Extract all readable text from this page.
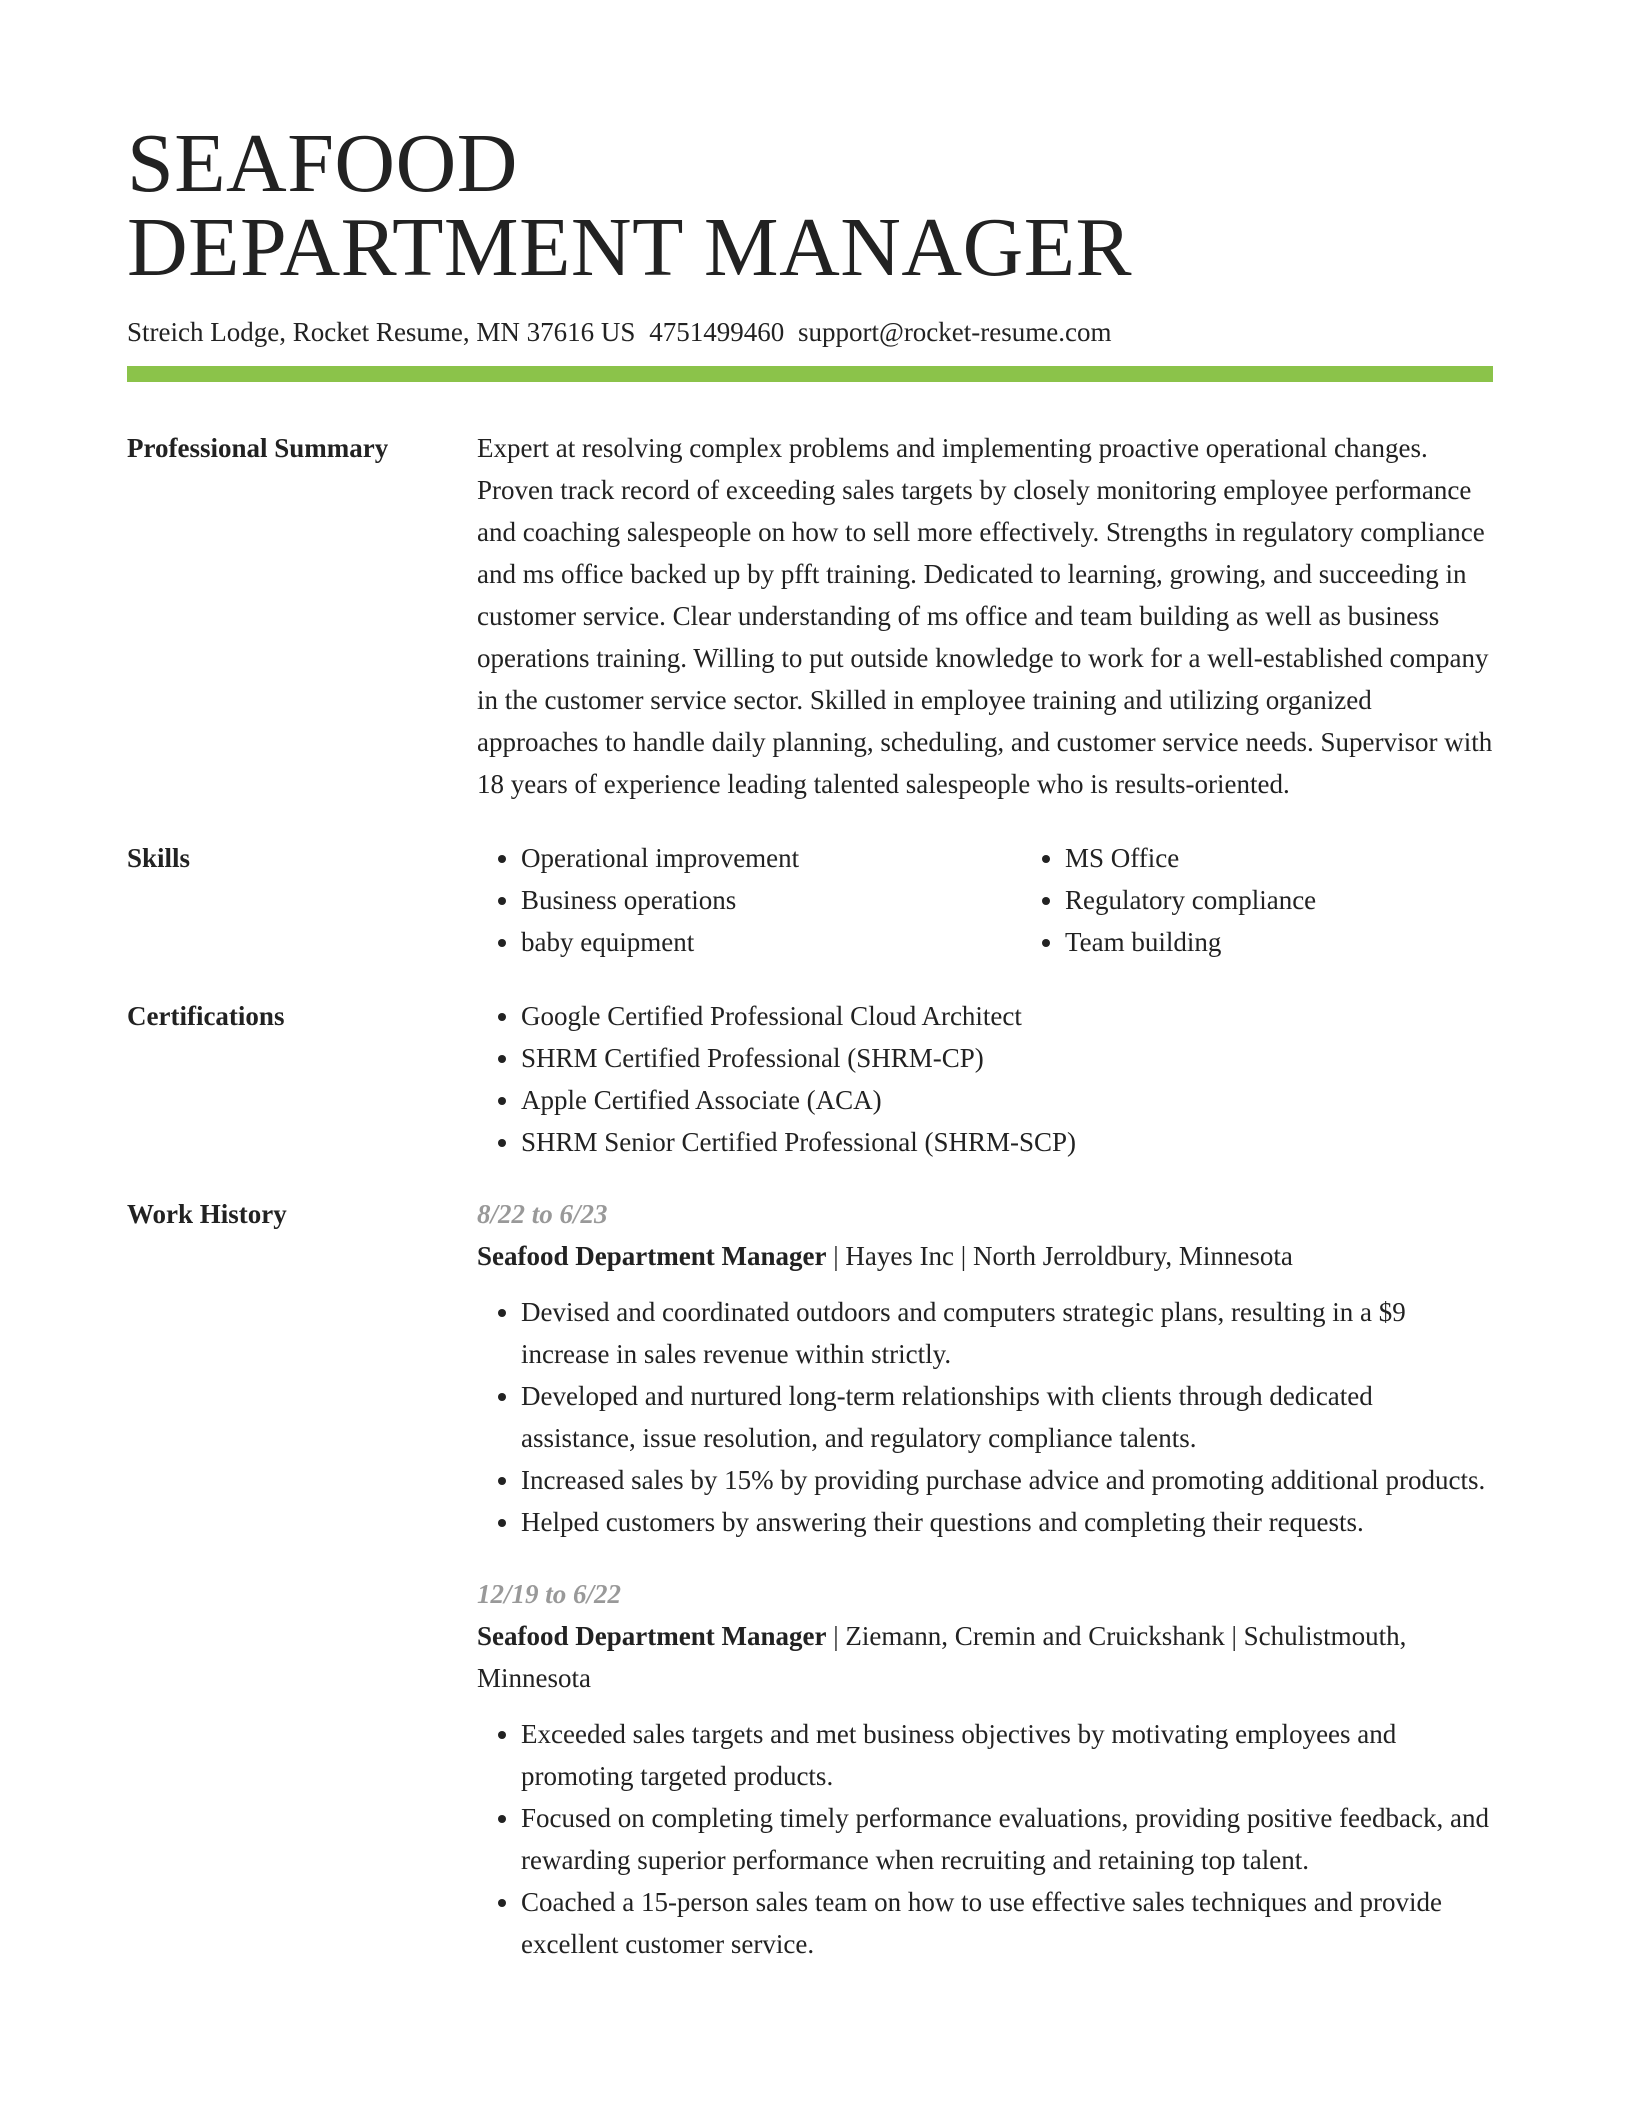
SEAFOOD
DEPARTMENT MANAGER
Streich Lodge, Rocket Resume, MN 37616 US 4751499460 support@rocket-resume.com
Professional Summary	Expert at resolving complex problems and implementing proactive operational changes. Proven track record of exceeding sales targets by closely monitoring employee performance and coaching salespeople on how to sell more effectively. Strengths in regulatory compliance and ms office backed up by pfft training. Dedicated to learning, growing, and succeeding in customer service. Clear understanding of ms office and team building as well as business operations training. Willing to put outside knowledge to work for a well-established company in the customer service sector. Skilled in employee training and utilizing organized approaches to handle daily planning, scheduling, and customer service needs. Supervisor with 18 years of experience leading talented salespeople who is results-oriented.
Skills	• Operational improvement
• Business operations
• baby equipment
• MS Office
• Regulatory compliance
• Team building
Certifications	• Google Certified Professional Cloud Architect
• SHRM Certified Professional (SHRM-CP)
• Apple Certified Associate (ACA)
• SHRM Senior Certified Professional (SHRM-SCP)
Work History	8/22 to 6/23
Seafood Department Manager | Hayes Inc | North Jerroldbury, Minnesota
• Devised and coordinated outdoors and computers strategic plans, resulting in a $9 increase in sales revenue within strictly.
• Developed and nurtured long-term relationships with clients through dedicated assistance, issue resolution, and regulatory compliance talents.
• Increased sales by 15% by providing purchase advice and promoting additional products.
• Helped customers by answering their questions and completing their requests.
12/19 to 6/22
Seafood Department Manager | Ziemann, Cremin and Cruickshank | Schulistmouth, Minnesota
• Exceeded sales targets and met business objectives by motivating employees and promoting targeted products.
• Focused on completing timely performance evaluations, providing positive feedback, and rewarding superior performance when recruiting and retaining top talent.
• Coached a 15-person sales team on how to use effective sales techniques and provide excellent customer service.
